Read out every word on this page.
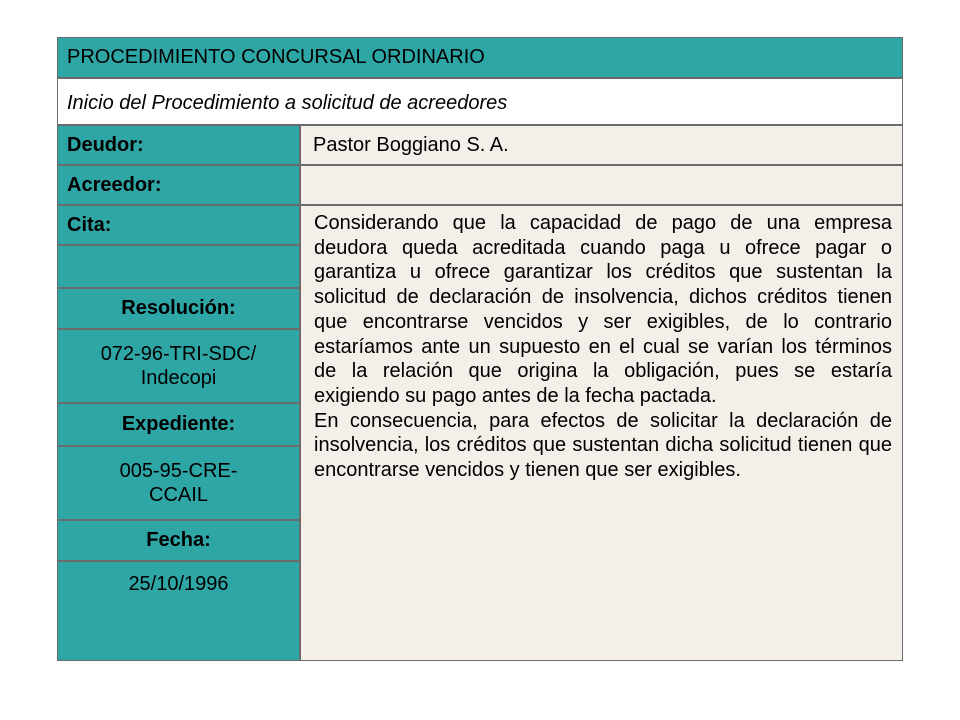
PROCEDIMIENTO CONCURSAL ORDINARIO
Inicio del Procedimiento a solicitud de acreedores
Deudor:	Pastor Boggiano S. A.
Acreedor:
Cita:
Resolución:
072-96-TRI-SDC/ Indecopi
Expediente:
005-95-CRE- CCAIL
Fecha:
25/10/1996

Considerando que la capacidad de pago de una empresa deudora queda acreditada cuando paga u ofrece pagar o garantiza u ofrece garantizar los créditos que sustentan la solicitud de declaración de insolvencia, dichos créditos tienen que encontrarse vencidos y ser exigibles, de lo contrario estaríamos ante un supuesto en el cual se varían los términos de la relación que origina la obligación, pues se estaría exigiendo su pago antes de la fecha pactada.

En consecuencia, para efectos de solicitar la declaración de insolvencia, los créditos que sustentan dicha solicitud tienen que encontrarse vencidos y tienen que ser exigibles.
